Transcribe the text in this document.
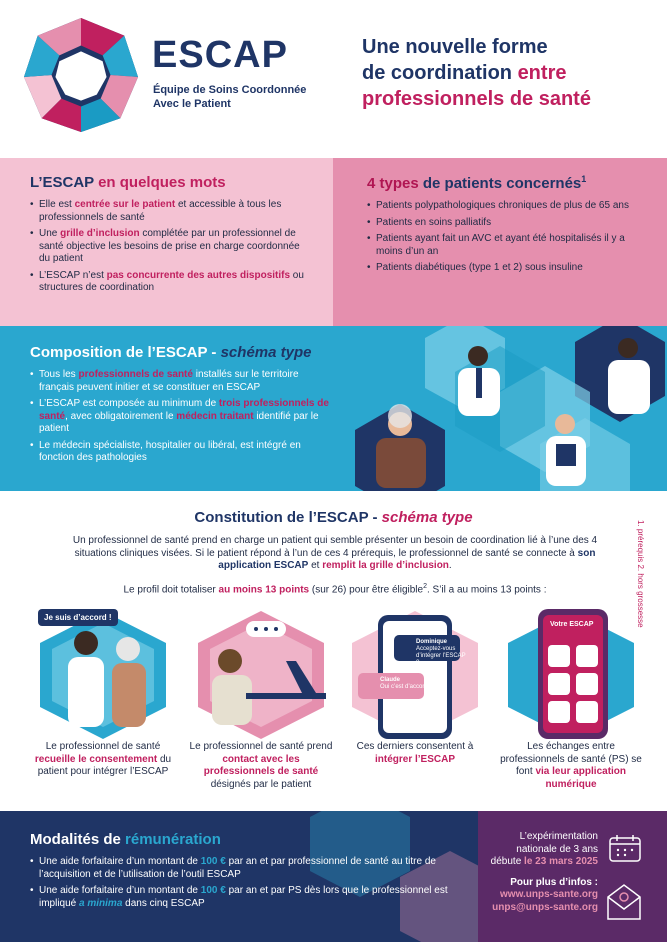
ESCAP
Équipe de Soins Coordonnée
Avec le Patient
Une nouvelle forme
de coordination entre
professionnels de santé
L’ESCAP en quelques mots
• Elle est centrée sur le patient et accessible à tous les professionnels de santé
• Une grille d’inclusion complétée par un professionnel de santé objective les besoins de prise en charge coordonnée du patient
• L’ESCAP n’est pas concurrente des autres dispositifs ou structures de coordination
4 types de patients concernés$^1$
• Patients polypathologiques chroniques de plus de 65 ans
• Patients en soins palliatifs
• Patients ayant fait un AVC et ayant été hospitalisés il y a moins d’un an
• Patients diabétiques (type 1 et 2) sous insuline
Composition de l’ESCAP - schéma type
• Tous les professionnels de santé installés sur le territoire français peuvent initier et se constituer en ESCAP
• L’ESCAP est composée au minimum de trois professionnels de santé, avec obligatoirement le médecin traitant identifié par le patient
• Le médecin spécialiste, hospitalier ou libéral, est intégré en fonction des pathologies
Constitution de l’ESCAP - schéma type
Un professionnel de santé prend en charge un patient qui semble présenter un besoin de coordination lié à l’une des 4 situations cliniques visées. Si le patient répond à l’un de ces 4 prérequis, le professionnel de santé se connecte à son application ESCAP et remplit la grille d’inclusion.
Le profil doit totaliser au moins 13 points (sur 26) pour être éligible$^2$. S’il a au moins 13 points :
Je suis d’accord !
Dominique
Acceptez-vous d’intégrer l’ESCAP ?
Claude
Oui c’est d’accord !
Votre ESCAP
Le professionnel de santé recueille le consentement du patient pour intégrer l’ESCAP
Le professionnel de santé prend contact avec les professionnels de santé désignés par le patient
Ces derniers consentent à intégrer l’ESCAP
Les échanges entre professionnels de santé (PS) se font via leur application numérique
1. prérequis 2. hors grossesse
Modalités de rémunération
• Une aide forfaitaire d’un montant de 100 € par an et par professionnel de santé au titre de l’acquisition et de l’utilisation de l’outil ESCAP
• Une aide forfaitaire d’un montant de 100 € par an et par PS dès lors que le professionnel est impliqué a minima dans cinq ESCAP
L’expérimentation
nationale de 3 ans
débute le 23 mars 2025
Pour plus d’infos :
www.unps-sante.org
unps@unps-sante.org
